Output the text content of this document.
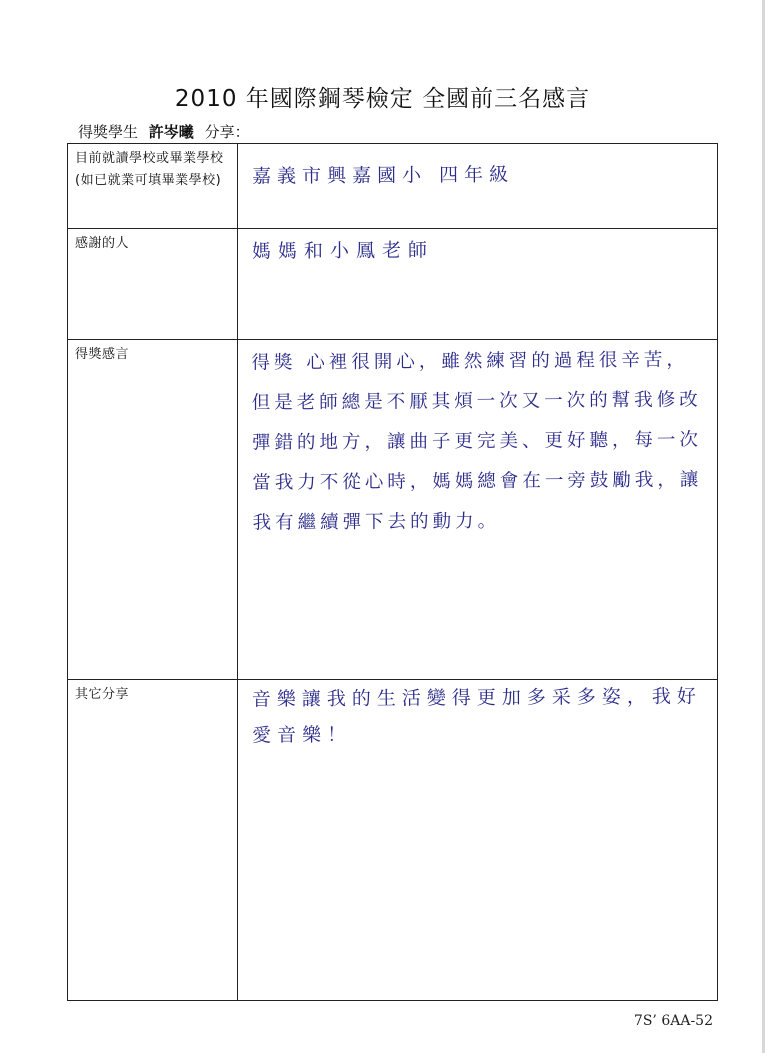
2010 年國際鋼琴檢定 全國前三名感言
得獎學生 許岑曦 分享：
目前就讀學校或畢業學校(如已就業可填畢業學校)	嘉義市興嘉國小 四年級

感謝的人	媽媽和小鳳老師

得獎感言	得獎 心裡很開心，雖然練習的過程很辛苦，但是老師總是不厭其煩一次又一次的幫我修改彈錯的地方，讓曲子更完美、更好聽，每一次當我力不從心時，媽媽總會在一旁鼓勵我，讓我有繼續彈下去的動力。

其它分享	音樂讓我的生活變得更加多采多姿，我好愛音樂！
7S’ 6AA-52
